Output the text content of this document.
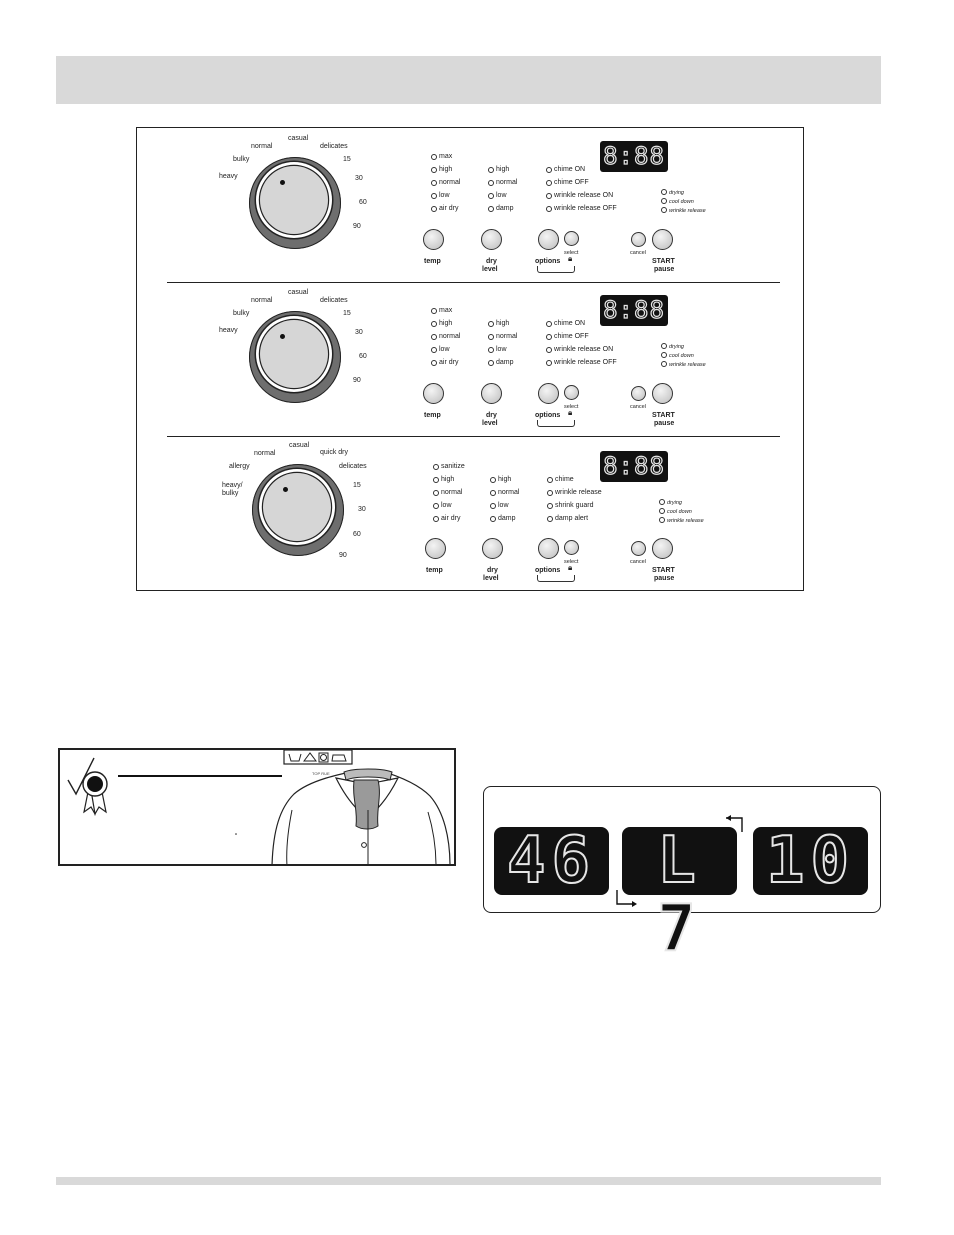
casual
normal	delicates
bulky
heavy
15
30
60
90
max
high
normal
low
air dry
high
normal
low
damp
chime ON
chime OFF
wrinkle release ON
wrinkle release OFF
8:88
drying
cool down
wrinkle release
temp	dry
level
select
options 🔒︎
cancel
START
pause
casual
normal	delicates
bulky
heavy
15
30
60
90
max
high
normal
low
air dry
high
normal
low
damp
chime ON
chime OFF
wrinkle release ON
wrinkle release OFF
8:88
drying
cool down
wrinkle release
temp	dry
level
select
options 🔒︎
cancel
START
pause
casual
normal	quick dry
allergy	delicates
heavy/
bulky
15
30
60
90
sanitize
high
normal
low
air dry
high
normal
low
damp
chime
wrinkle release
shrink guard
damp alert
8:88
drying
cool down
wrinkle release
temp	dry
level
select
options 🔒︎
cancel
START
pause
TOP RUE
46 L 7
10
